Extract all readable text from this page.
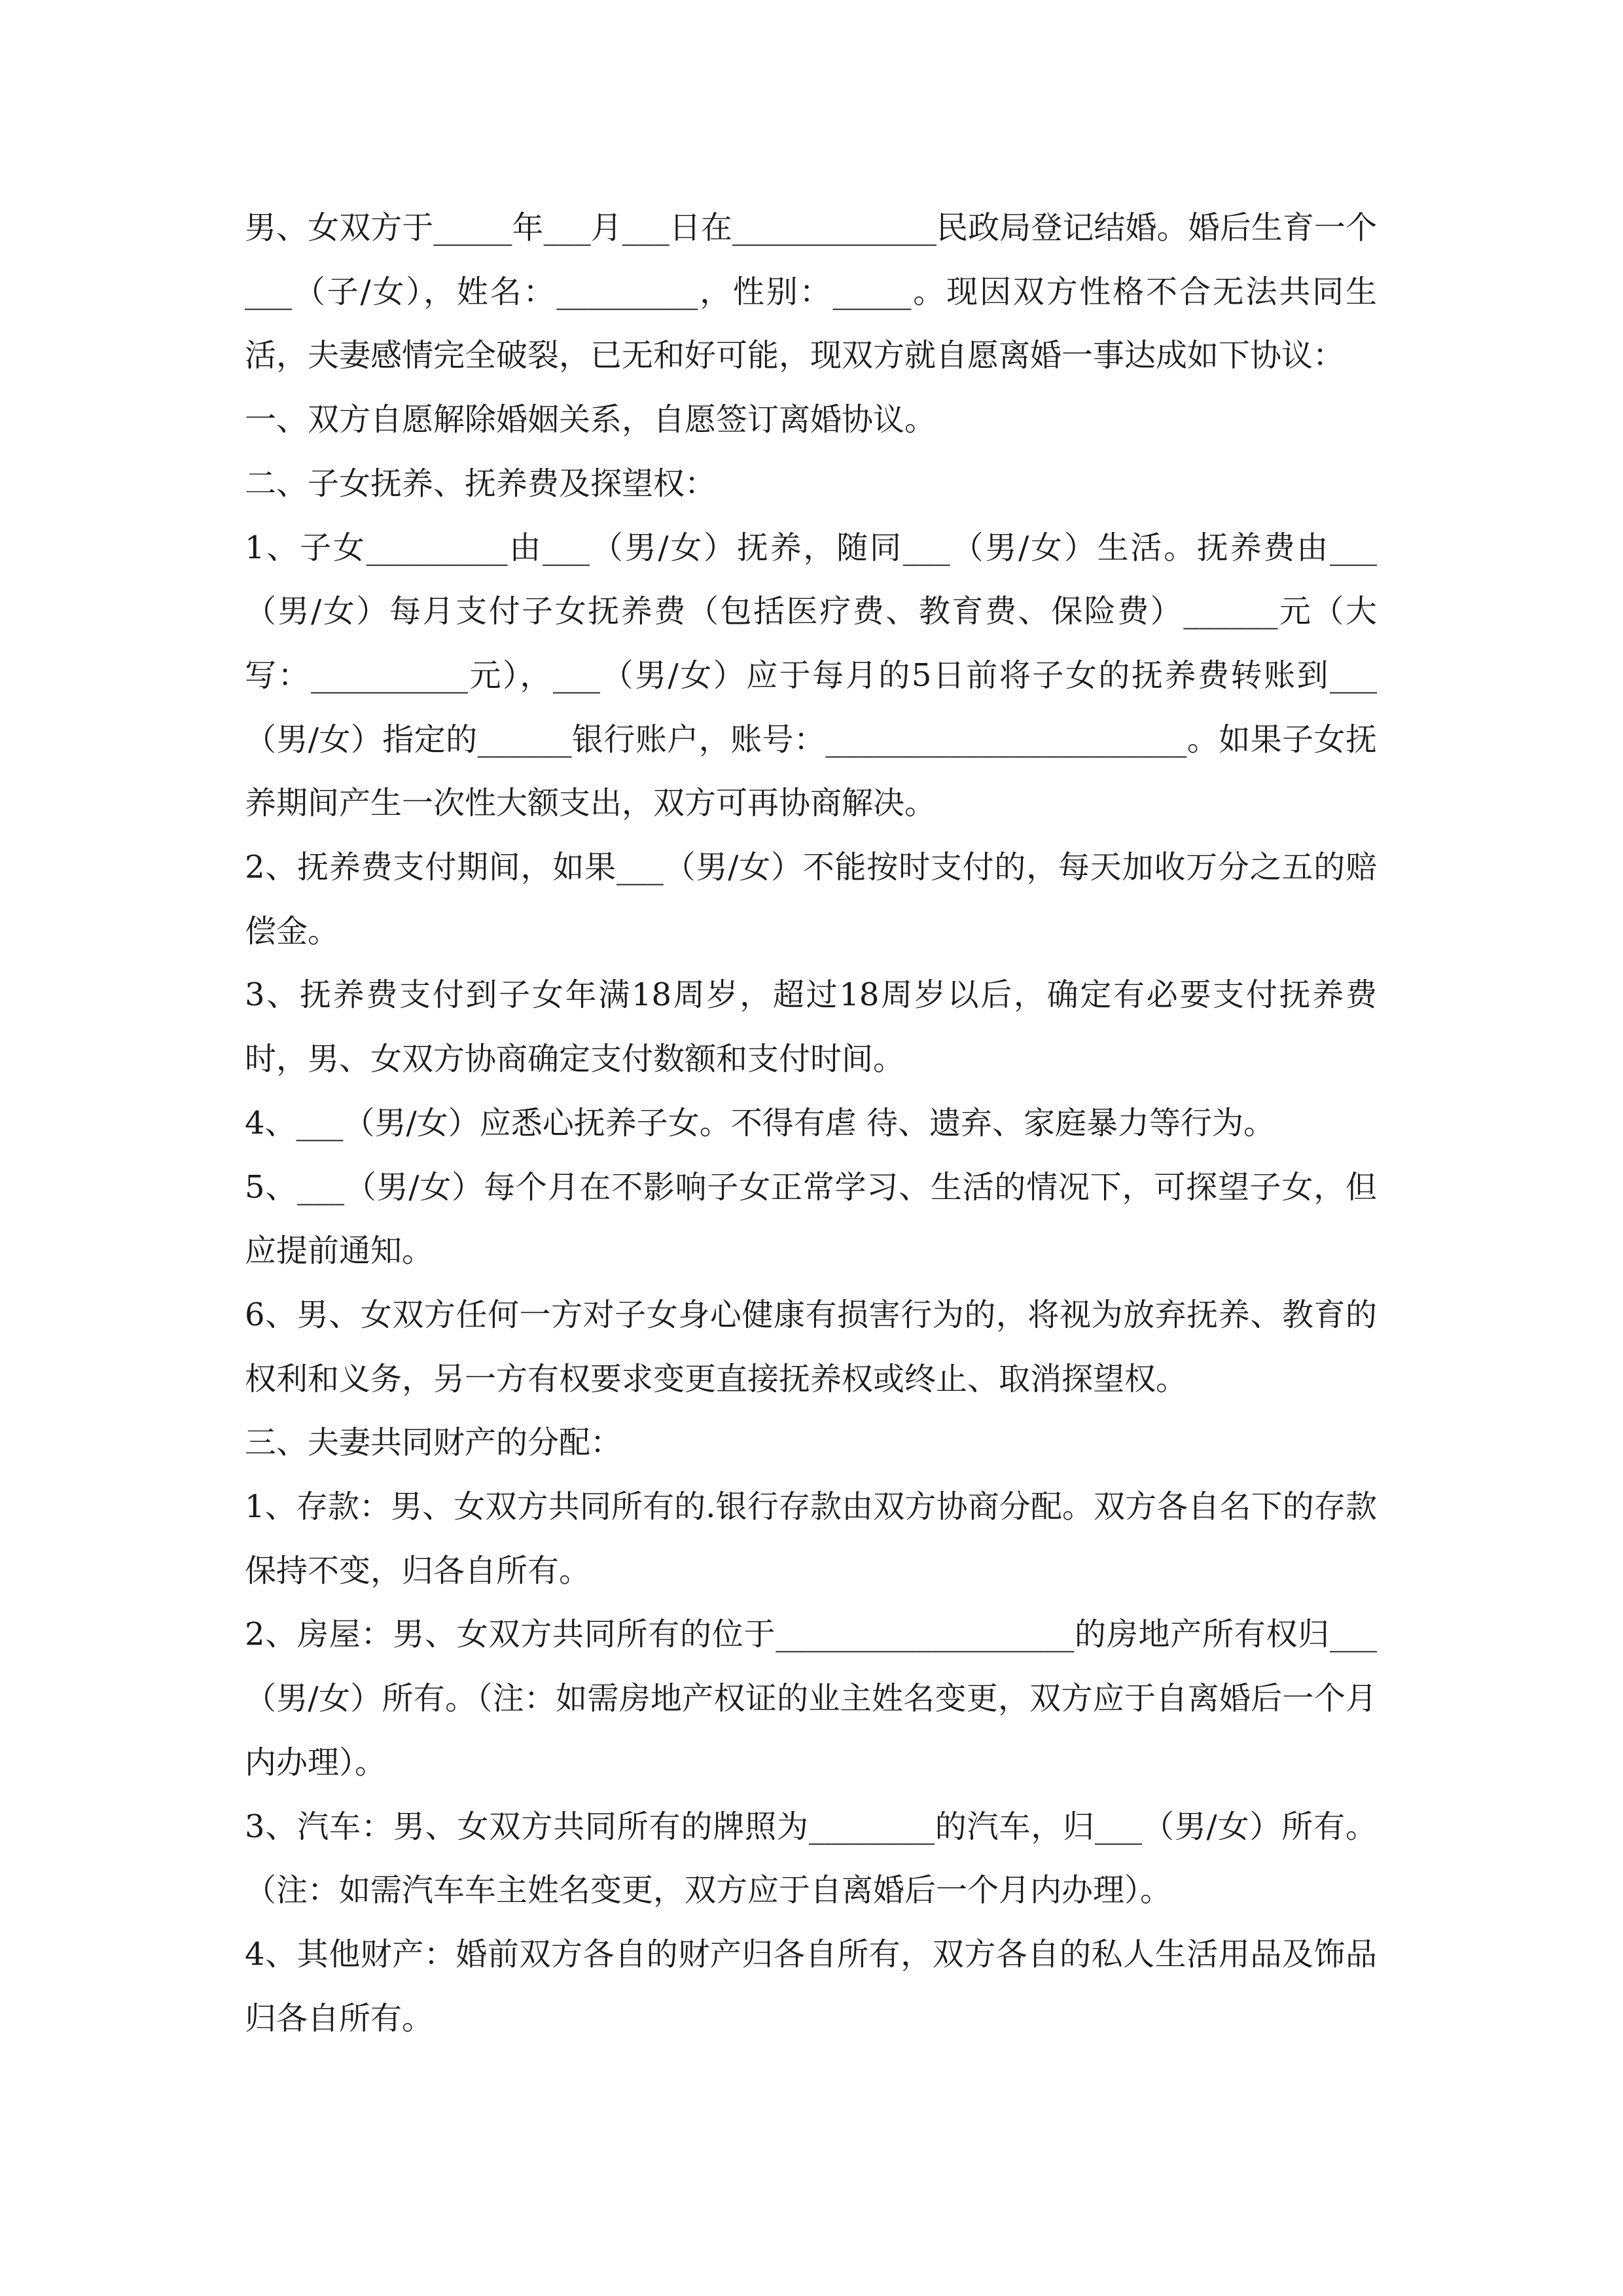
男、女双方于_____年___月___日在_____________民政局登记结婚。婚后生育一个___（子/女），姓名：_________，性别：_____。现因双方性格不合无法共同生活，夫妻感情完全破裂，已无和好可能，现双方就自愿离婚一事达成如下协议：

一、双方自愿解除婚姻关系，自愿签订离婚协议。

二、子女抚养、抚养费及探望权：

1、子女_________由___（男/女）抚养，随同___（男/女）生活。抚养费由___（男/女）每月支付子女抚养费（包括医疗费、教育费、保险费）______元（大写：__________元），___（男/女）应于每月的5日前将子女的抚养费转账到___（男/女）指定的______银行账户，账号：_______________________。如果子女抚养期间产生一次性大额支出，双方可再协商解决。

2、抚养费支付期间，如果___（男/女）不能按时支付的，每天加收万分之五的赔偿金。

3、抚养费支付到子女年满18周岁，超过18周岁以后，确定有必要支付抚养费时，男、女双方协商确定支付数额和支付时间。

4、___（男/女）应悉心抚养子女。不得有虐 待、遗弃、家庭暴力等行为。

5、___（男/女）每个月在不影响子女正常学习、生活的情况下，可探望子女，但应提前通知。

6、男、女双方任何一方对子女身心健康有损害行为的，将视为放弃抚养、教育的权利和义务，另一方有权要求变更直接抚养权或终止、取消探望权。

三、夫妻共同财产的分配：

1、存款：男、女双方共同所有的.银行存款由双方协商分配。双方各自名下的存款保持不变，归各自所有。

2、房屋：男、女双方共同所有的位于___________________的房地产所有权归___（男/女）所有。（注：如需房地产权证的业主姓名变更，双方应于自离婚后一个月内办理）。

3、汽车：男、女双方共同所有的牌照为________的汽车，归___（男/女）所有。（注：如需汽车车主姓名变更，双方应于自离婚后一个月内办理）。

4、其他财产：婚前双方各自的财产归各自所有，双方各自的私人生活用品及饰品归各自所有。
